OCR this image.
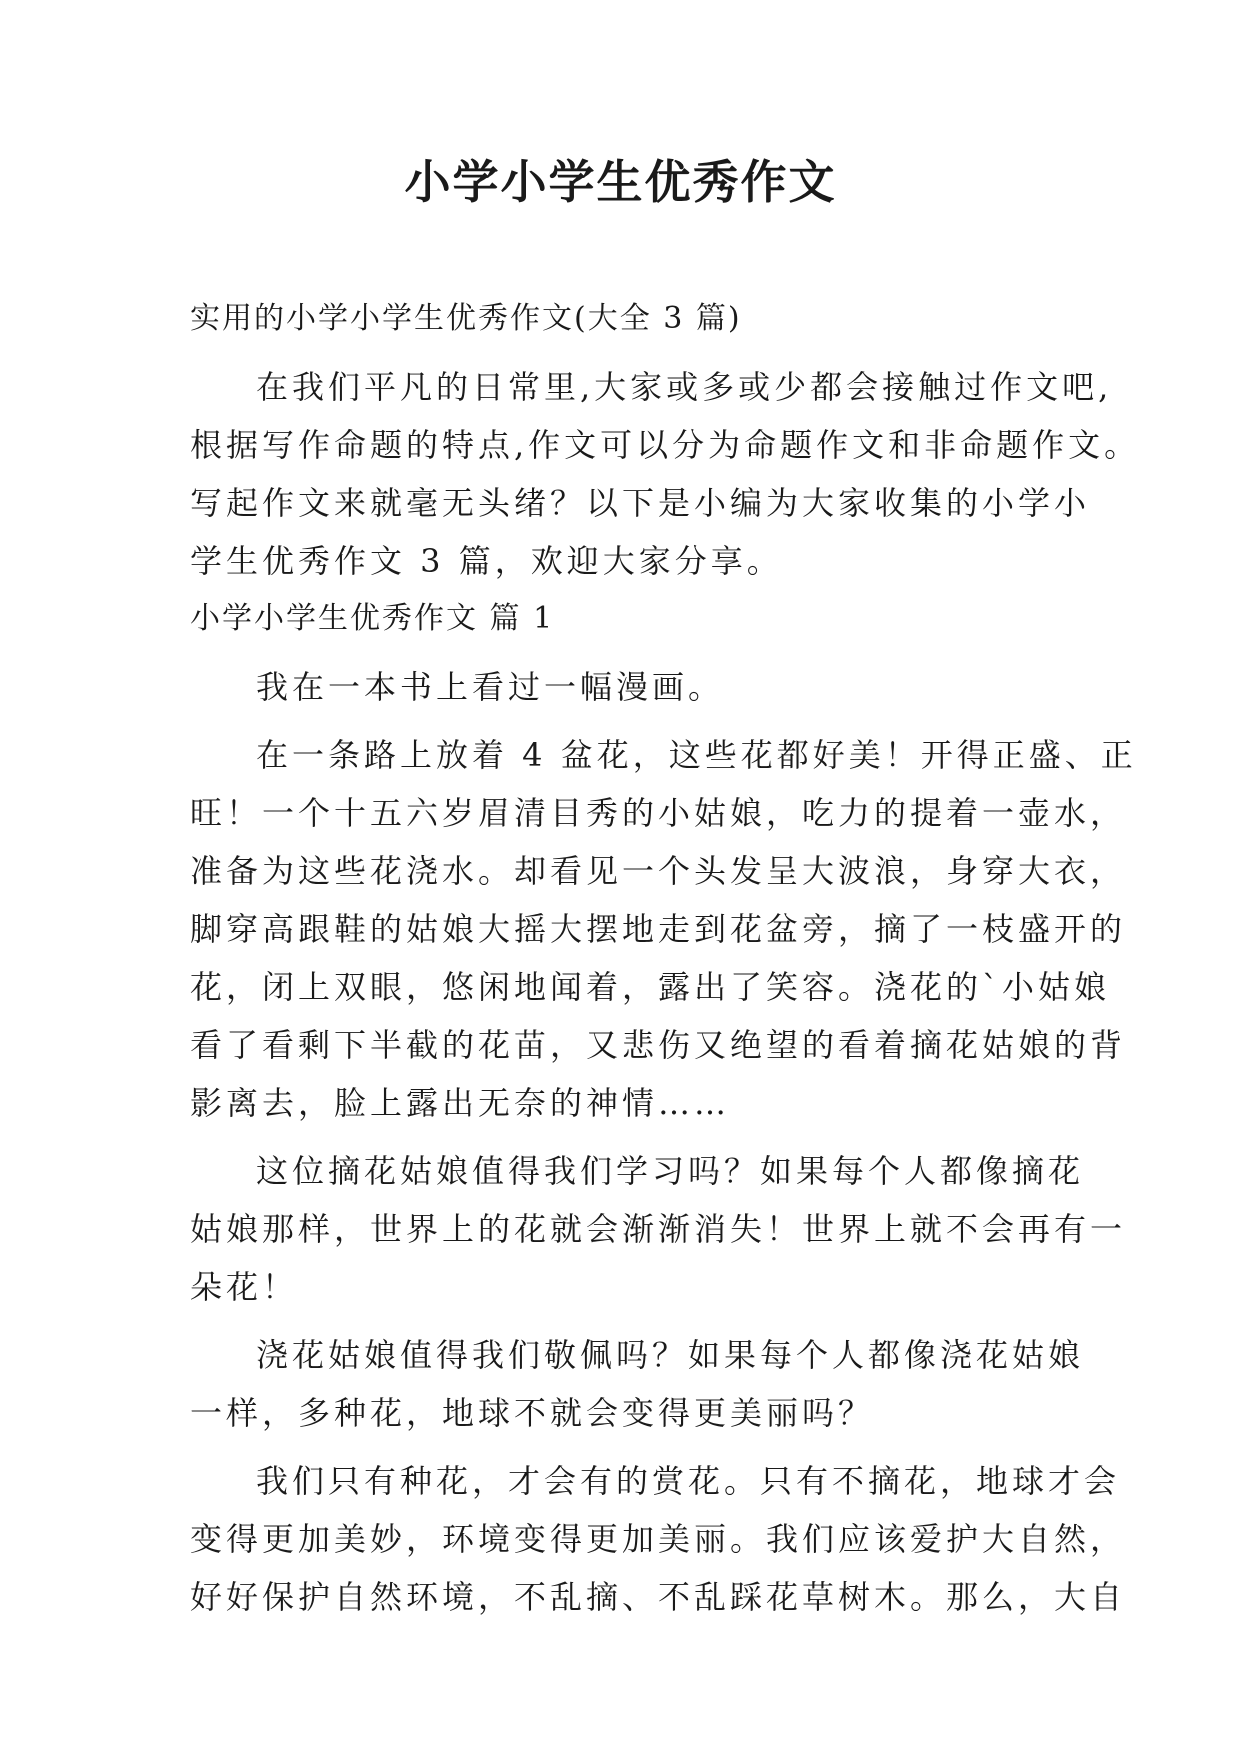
小学小学生优秀作文
实用的小学小学生优秀作文(大全 3 篇)
在我们平凡的日常里,大家或多或少都会接触过作文吧,
根据写作命题的特点,作文可以分为命题作文和非命题作文。
写起作文来就毫无头绪？以下是小编为大家收集的小学小
学生优秀作文 3 篇，欢迎大家分享。
小学小学生优秀作文 篇 1
我在一本书上看过一幅漫画。
在一条路上放着 4 盆花，这些花都好美！开得正盛、正
旺！一个十五六岁眉清目秀的小姑娘，吃力的提着一壶水，
准备为这些花浇水。却看见一个头发呈大波浪，身穿大衣，
脚穿高跟鞋的姑娘大摇大摆地走到花盆旁，摘了一枝盛开的
花，闭上双眼，悠闲地闻着，露出了笑容。浇花的`小姑娘
看了看剩下半截的花苗，又悲伤又绝望的看着摘花姑娘的背
影离去，脸上露出无奈的神情……
这位摘花姑娘值得我们学习吗？如果每个人都像摘花
姑娘那样，世界上的花就会渐渐消失！世界上就不会再有一
朵花！
浇花姑娘值得我们敬佩吗？如果每个人都像浇花姑娘
一样，多种花，地球不就会变得更美丽吗？
我们只有种花，才会有的赏花。只有不摘花，地球才会
变得更加美妙，环境变得更加美丽。我们应该爱护大自然，
好好保护自然环境，不乱摘、不乱踩花草树木。那么，大自
